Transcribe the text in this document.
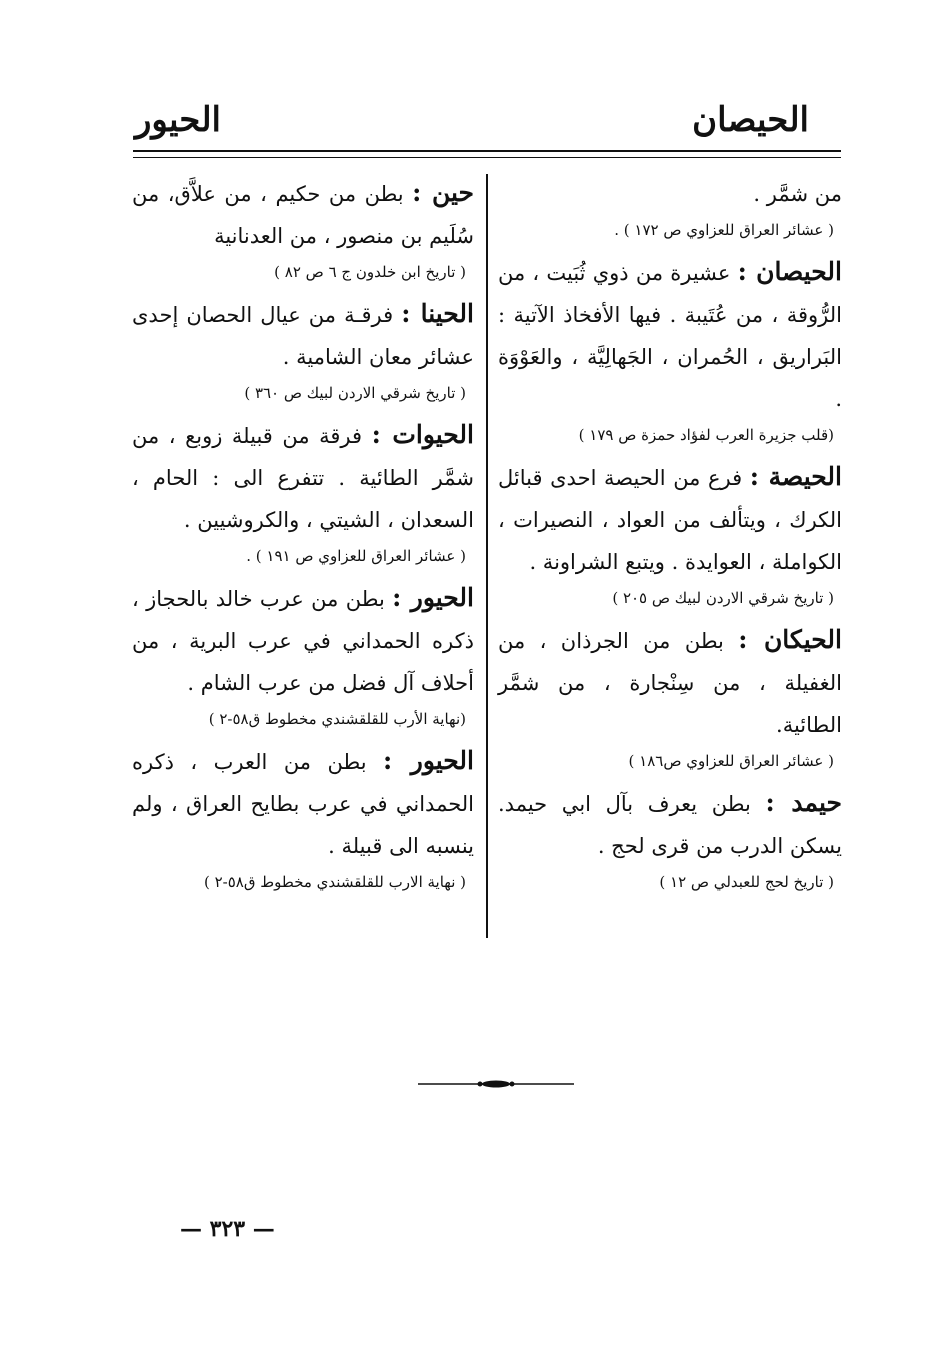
الحيصان
الحيور
من شمَّر .
( عشائر العراق للعزاوي ص ١٧٢ ) .
الحيصان : عشيرة من ذوي ثُبَيت ، من الرُّوقة ، من عُتَيبة . فيها الأفخاذ الآتية : البَراريق ، الحُمران ، الجَهالِيَّة ، والعَوْوَة .
(قلب جزيرة العرب لفؤاد حمزة ص ١٧٩ )
الحيصة : فرع من الحيصة احدى قبائل الكرك ، ويتألف من العواد ، النصيرات ، الكواملة ، العوايدة . ويتبع الشراونة .
( تاريخ شرقي الاردن لبيك ص ٢٠٥ )
الحيكان : بطن من الجرذان ، من الغفيلة ، من سِنْجارة ، من شمَّر الطائية.
( عشائر العراق للعزاوي ص١٨٦ )
حيمد : بطن يعرف بآل ابي حيمد. يسكن الدرب من قرى لحج .
( تاريخ لحج للعبدلي ص ١٢ )
حين : بطن من حكيم ، من علاَّق، من سُلَيم بن منصور ، من العدنانية
( تاريخ ابن خلدون ج ٦ ص ٨٢ )
الحينا : فرقـة من عيال الحصان إحدى عشائر معان الشامية .
( تاريخ شرقي الاردن لبيك ص ٣٦٠ )
الحيوات : فرقة من قبيلة زوبع ، من شمَّر الطائية . تتفرع الى : الحام ، السعدان ، الشيتي ، والكروشيين .
( عشائر العراق للعزاوي ص ١٩١ ) .
الحيور : بطن من عرب خالد بالحجاز ، ذكره الحمداني في عرب البرية ، من أحلاف آل فضل من عرب الشام .
(نهاية الأرب للقلقشندي مخطوط ق٥٨-٢ )
الحيور : بطن من العرب ، ذكره الحمداني في عرب بطايح العراق ، ولم ينسبه الى قبيلة .
( نهاية الارب للقلقشندي مخطوط ق٥٨-٢ )
— ٣٢٣ —
